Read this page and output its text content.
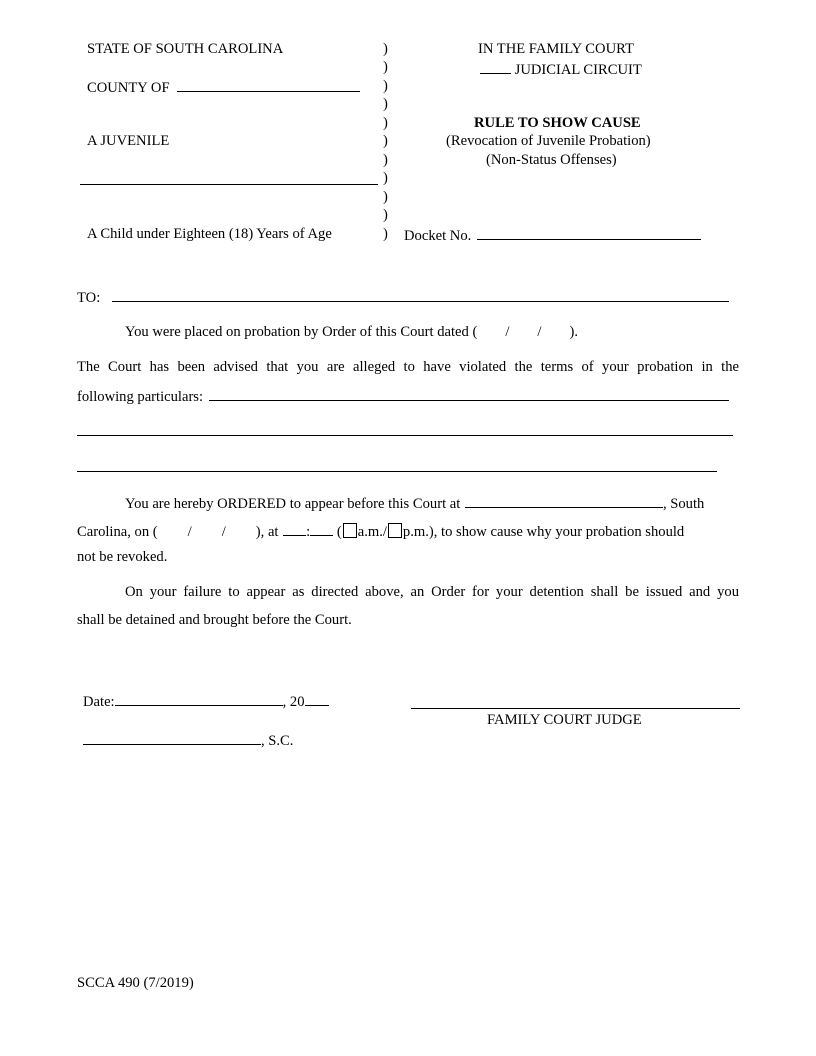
STATE OF SOUTH CAROLINA
COUNTY OF
A JUVENILE
A Child under Eighteen (18) Years of Age
)
)
)
)
)
)
)
)
)
)
)
IN THE FAMILY COURT
JUDICIAL CIRCUIT
RULE TO SHOW CAUSE
(Revocation of Juvenile Probation)
(Non-Status Offenses)
Docket No.
TO:
You were placed on probation by Order of this Court dated ( / / ).
The Court has been advised that you are alleged to have violated the terms of your probation in the
following particulars:
You are hereby ORDERED to appear before this Court at	, South
Carolina, on ( / / ), at : ( a.m./ p.m.), to show cause why your probation should
not be revoked.
On your failure to appear as directed above, an Order for your detention shall be issued and you
shall be detained and brought before the Court.
Date:	, 20
, S.C.
FAMILY COURT JUDGE
SCCA 490 (7/2019)
